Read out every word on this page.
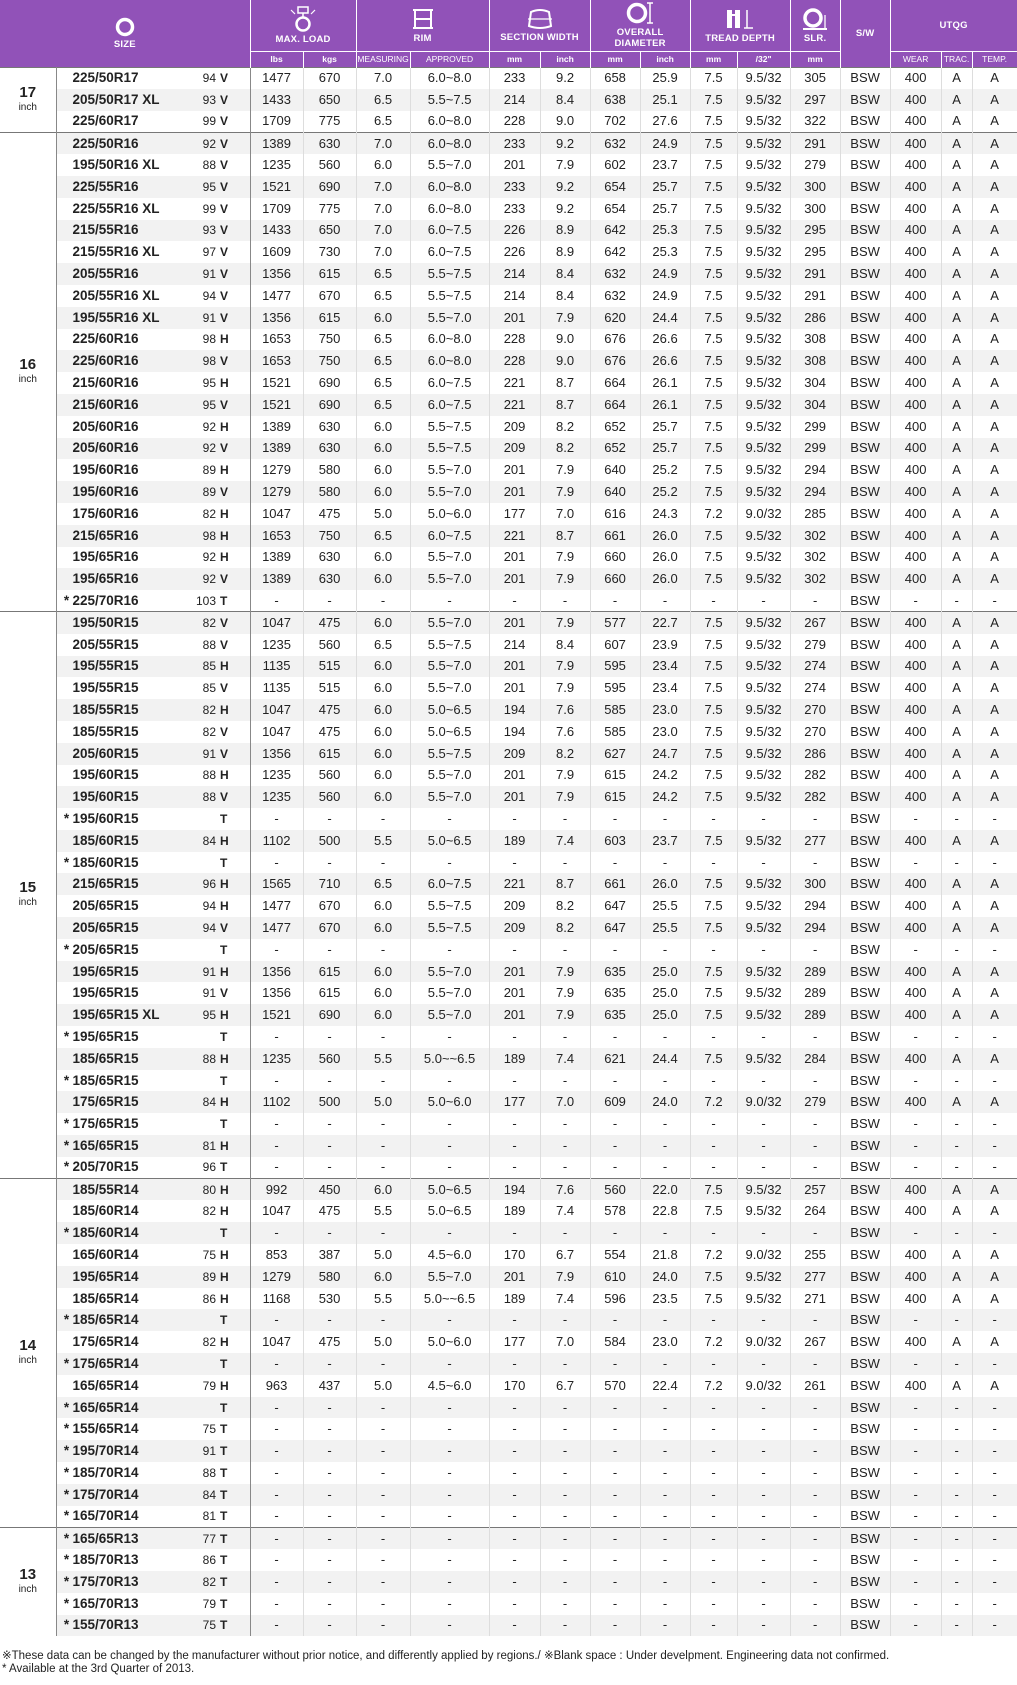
SIZE				MAX. LOAD		RIM		SECTION WIDTH		OVERALL DIAMETER		TREAD DEPTH		SLR.	S/W	UTQG		
				lbs	kgs	MEASURING	APPROVED	mm	inch	mm	inch	mm	/32"	mm		WEAR	TRAC.	TEMP.
17
inch	225/50R17	94	V	1477	670	7.0	6.0~8.0	233	9.2	658	25.9	7.5	9.5/32	305	BSW	400	A	A
	205/50R17 XL	93	V	1433	650	6.5	5.5~7.5	214	8.4	638	25.1	7.5	9.5/32	297	BSW	400	A	A
	225/60R17	99	V	1709	775	6.5	6.0~8.0	228	9.0	702	27.6	7.5	9.5/32	322	BSW	400	A	A
16
inch	225/50R16	92	V	1389	630	7.0	6.0~8.0	233	9.2	632	24.9	7.5	9.5/32	291	BSW	400	A	A
	195/50R16 XL	88	V	1235	560	6.0	5.5~7.0	201	7.9	602	23.7	7.5	9.5/32	279	BSW	400	A	A
	225/55R16	95	V	1521	690	7.0	6.0~8.0	233	9.2	654	25.7	7.5	9.5/32	300	BSW	400	A	A
	225/55R16 XL	99	V	1709	775	7.0	6.0~8.0	233	9.2	654	25.7	7.5	9.5/32	300	BSW	400	A	A
	215/55R16	93	V	1433	650	7.0	6.0~7.5	226	8.9	642	25.3	7.5	9.5/32	295	BSW	400	A	A
	215/55R16 XL	97	V	1609	730	7.0	6.0~7.5	226	8.9	642	25.3	7.5	9.5/32	295	BSW	400	A	A
	205/55R16	91	V	1356	615	6.5	5.5~7.5	214	8.4	632	24.9	7.5	9.5/32	291	BSW	400	A	A
	205/55R16 XL	94	V	1477	670	6.5	5.5~7.5	214	8.4	632	24.9	7.5	9.5/32	291	BSW	400	A	A
	195/55R16 XL	91	V	1356	615	6.0	5.5~7.0	201	7.9	620	24.4	7.5	9.5/32	286	BSW	400	A	A
	225/60R16	98	H	1653	750	6.5	6.0~8.0	228	9.0	676	26.6	7.5	9.5/32	308	BSW	400	A	A
	225/60R16	98	V	1653	750	6.5	6.0~8.0	228	9.0	676	26.6	7.5	9.5/32	308	BSW	400	A	A
	215/60R16	95	H	1521	690	6.5	6.0~7.5	221	8.7	664	26.1	7.5	9.5/32	304	BSW	400	A	A
	215/60R16	95	V	1521	690	6.5	6.0~7.5	221	8.7	664	26.1	7.5	9.5/32	304	BSW	400	A	A
	205/60R16	92	H	1389	630	6.0	5.5~7.5	209	8.2	652	25.7	7.5	9.5/32	299	BSW	400	A	A
	205/60R16	92	V	1389	630	6.0	5.5~7.5	209	8.2	652	25.7	7.5	9.5/32	299	BSW	400	A	A
	195/60R16	89	H	1279	580	6.0	5.5~7.0	201	7.9	640	25.2	7.5	9.5/32	294	BSW	400	A	A
	195/60R16	89	V	1279	580	6.0	5.5~7.0	201	7.9	640	25.2	7.5	9.5/32	294	BSW	400	A	A
	175/60R16	82	H	1047	475	5.0	5.0~6.0	177	7.0	616	24.3	7.2	9.0/32	285	BSW	400	A	A
	215/65R16	98	H	1653	750	6.5	6.0~7.5	221	8.7	661	26.0	7.5	9.5/32	302	BSW	400	A	A
	195/65R16	92	H	1389	630	6.0	5.5~7.0	201	7.9	660	26.0	7.5	9.5/32	302	BSW	400	A	A
	195/65R16	92	V	1389	630	6.0	5.5~7.0	201	7.9	660	26.0	7.5	9.5/32	302	BSW	400	A	A
	* 225/70R16	103	T	-	-	-	-	-	-	-	-	-	-	-	BSW	-	-	-
15
inch	195/50R15	82	V	1047	475	6.0	5.5~7.0	201	7.9	577	22.7	7.5	9.5/32	267	BSW	400	A	A
	205/55R15	88	V	1235	560	6.5	5.5~7.5	214	8.4	607	23.9	7.5	9.5/32	279	BSW	400	A	A
	195/55R15	85	H	1135	515	6.0	5.5~7.0	201	7.9	595	23.4	7.5	9.5/32	274	BSW	400	A	A
	195/55R15	85	V	1135	515	6.0	5.5~7.0	201	7.9	595	23.4	7.5	9.5/32	274	BSW	400	A	A
	185/55R15	82	H	1047	475	6.0	5.0~6.5	194	7.6	585	23.0	7.5	9.5/32	270	BSW	400	A	A
	185/55R15	82	V	1047	475	6.0	5.0~6.5	194	7.6	585	23.0	7.5	9.5/32	270	BSW	400	A	A
	205/60R15	91	V	1356	615	6.0	5.5~7.5	209	8.2	627	24.7	7.5	9.5/32	286	BSW	400	A	A
	195/60R15	88	H	1235	560	6.0	5.5~7.0	201	7.9	615	24.2	7.5	9.5/32	282	BSW	400	A	A
	195/60R15	88	V	1235	560	6.0	5.5~7.0	201	7.9	615	24.2	7.5	9.5/32	282	BSW	400	A	A
	* 195/60R15		T	-	-	-	-	-	-	-	-	-	-	-	BSW	-	-	-
	185/60R15	84	H	1102	500	5.5	5.0~6.5	189	7.4	603	23.7	7.5	9.5/32	277	BSW	400	A	A
	* 185/60R15		T	-	-	-	-	-	-	-	-	-	-	-	BSW	-	-	-
	215/65R15	96	H	1565	710	6.5	6.0~7.5	221	8.7	661	26.0	7.5	9.5/32	300	BSW	400	A	A
	205/65R15	94	H	1477	670	6.0	5.5~7.5	209	8.2	647	25.5	7.5	9.5/32	294	BSW	400	A	A
	205/65R15	94	V	1477	670	6.0	5.5~7.5	209	8.2	647	25.5	7.5	9.5/32	294	BSW	400	A	A
	* 205/65R15		T	-	-	-	-	-	-	-	-	-	-	-	BSW	-	-	-
	195/65R15	91	H	1356	615	6.0	5.5~7.0	201	7.9	635	25.0	7.5	9.5/32	289	BSW	400	A	A
	195/65R15	91	V	1356	615	6.0	5.5~7.0	201	7.9	635	25.0	7.5	9.5/32	289	BSW	400	A	A
	195/65R15 XL	95	H	1521	690	6.0	5.5~7.0	201	7.9	635	25.0	7.5	9.5/32	289	BSW	400	A	A
	* 195/65R15		T	-	-	-	-	-	-	-	-	-	-	-	BSW	-	-	-
	185/65R15	88	H	1235	560	5.5	5.0~~6.5	189	7.4	621	24.4	7.5	9.5/32	284	BSW	400	A	A
	* 185/65R15		T	-	-	-	-	-	-	-	-	-	-	-	BSW	-	-	-
	175/65R15	84	H	1102	500	5.0	5.0~6.0	177	7.0	609	24.0	7.2	9.0/32	279	BSW	400	A	A
	* 175/65R15		T	-	-	-	-	-	-	-	-	-	-	-	BSW	-	-	-
	* 165/65R15	81	H	-	-	-	-	-	-	-	-	-	-	-	BSW	-	-	-
	* 205/70R15	96	T	-	-	-	-	-	-	-	-	-	-	-	BSW	-	-	-
14
inch	185/55R14	80	H	992	450	6.0	5.0~6.5	194	7.6	560	22.0	7.5	9.5/32	257	BSW	400	A	A
	185/60R14	82	H	1047	475	5.5	5.0~6.5	189	7.4	578	22.8	7.5	9.5/32	264	BSW	400	A	A
	* 185/60R14		T	-	-	-	-	-	-	-	-	-	-	-	BSW	-	-	-
	165/60R14	75	H	853	387	5.0	4.5~6.0	170	6.7	554	21.8	7.2	9.0/32	255	BSW	400	A	A
	195/65R14	89	H	1279	580	6.0	5.5~7.0	201	7.9	610	24.0	7.5	9.5/32	277	BSW	400	A	A
	185/65R14	86	H	1168	530	5.5	5.0~~6.5	189	7.4	596	23.5	7.5	9.5/32	271	BSW	400	A	A
	* 185/65R14		T	-	-	-	-	-	-	-	-	-	-	-	BSW	-	-	-
	175/65R14	82	H	1047	475	5.0	5.0~6.0	177	7.0	584	23.0	7.2	9.0/32	267	BSW	400	A	A
	* 175/65R14		T	-	-	-	-	-	-	-	-	-	-	-	BSW	-	-	-
	165/65R14	79	H	963	437	5.0	4.5~6.0	170	6.7	570	22.4	7.2	9.0/32	261	BSW	400	A	A
	* 165/65R14		T	-	-	-	-	-	-	-	-	-	-	-	BSW	-	-	-
	* 155/65R14	75	T	-	-	-	-	-	-	-	-	-	-	-	BSW	-	-	-
	* 195/70R14	91	T	-	-	-	-	-	-	-	-	-	-	-	BSW	-	-	-
	* 185/70R14	88	T	-	-	-	-	-	-	-	-	-	-	-	BSW	-	-	-
	* 175/70R14	84	T	-	-	-	-	-	-	-	-	-	-	-	BSW	-	-	-
	* 165/70R14	81	T	-	-	-	-	-	-	-	-	-	-	-	BSW	-	-	-
13
inch	* 165/65R13	77	T	-	-	-	-	-	-	-	-	-	-	-	BSW	-	-	-
	* 185/70R13	86	T	-	-	-	-	-	-	-	-	-	-	-	BSW	-	-	-
	* 175/70R13	82	T	-	-	-	-	-	-	-	-	-	-	-	BSW	-	-	-
	* 165/70R13	79	T	-	-	-	-	-	-	-	-	-	-	-	BSW	-	-	-
	* 155/70R13	75	T	-	-	-	-	-	-	-	-	-	-	-	BSW	-	-	-
※These data can be changed by the manufacturer without prior notice, and differently applied by regions./ ※Blank space : Under develpment. Engineering data not confirmed.
* Available at the 3rd Quarter of 2013.
